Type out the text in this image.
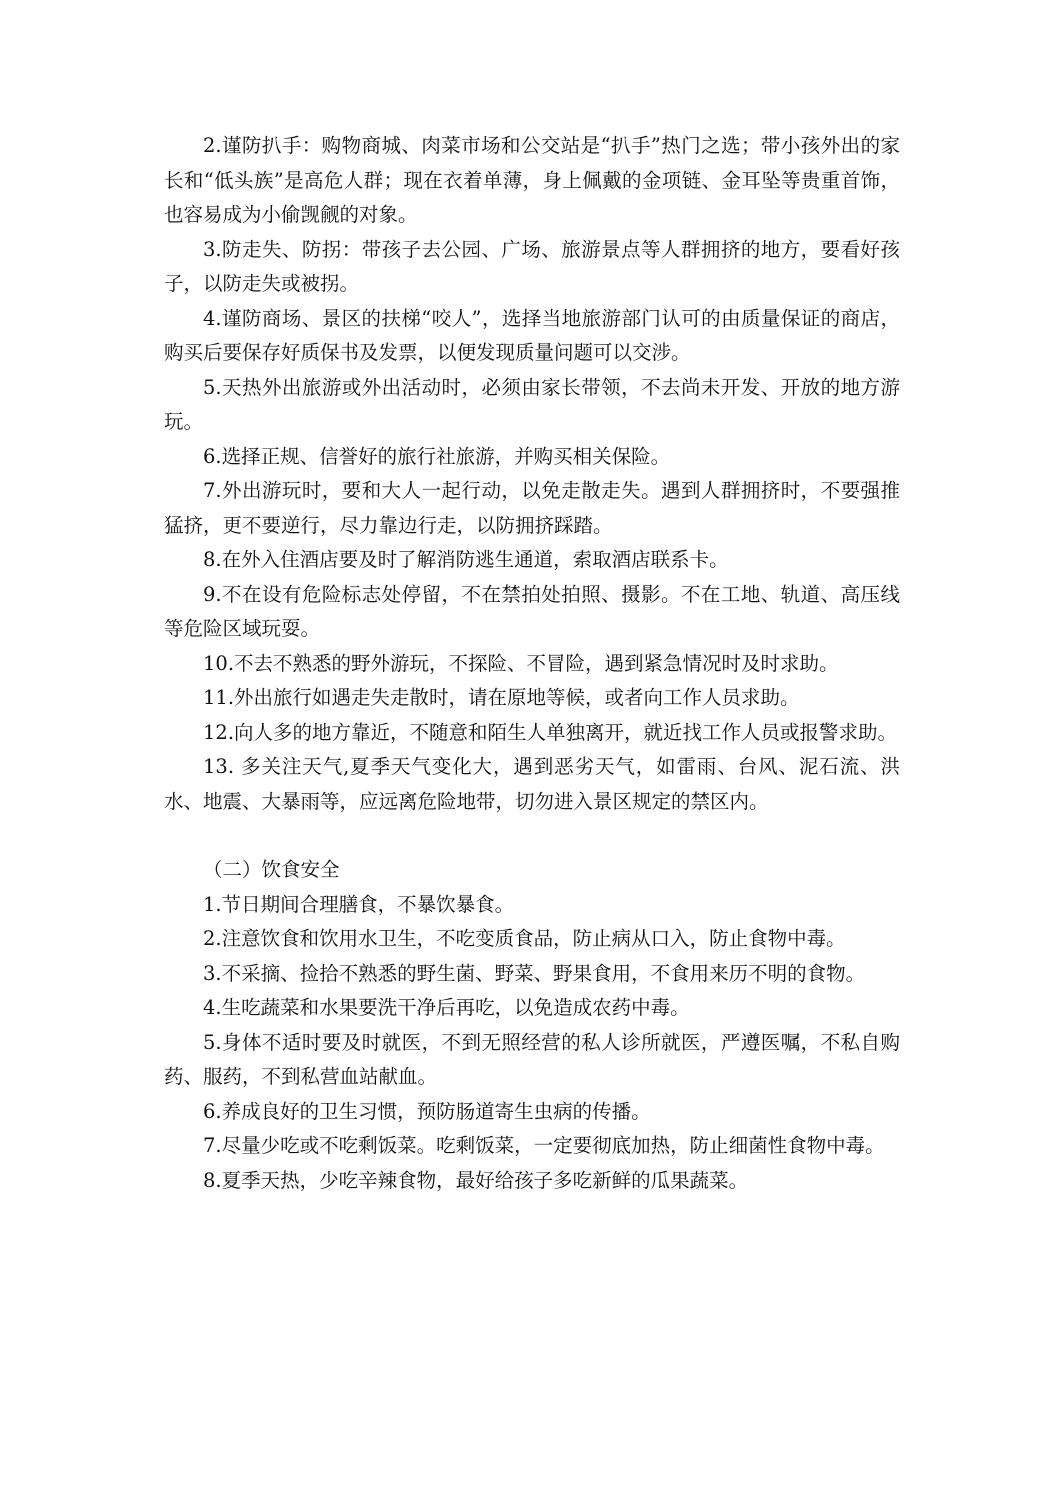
2.谨防扒手：购物商城、肉菜市场和公交站是“扒手”热门之选；带小孩外出的家长和“低头族”是高危人群；现在衣着单薄，身上佩戴的金项链、金耳坠等贵重首饰，也容易成为小偷觊觎的对象。

3.防走失、防拐：带孩子去公园、广场、旅游景点等人群拥挤的地方，要看好孩子，以防走失或被拐。

4.谨防商场、景区的扶梯“咬人”，选择当地旅游部门认可的由质量保证的商店，购买后要保存好质保书及发票，以便发现质量问题可以交涉。

5.天热外出旅游或外出活动时，必须由家长带领，不去尚未开发、开放的地方游玩。

6.选择正规、信誉好的旅行社旅游，并购买相关保险。

7.外出游玩时，要和大人一起行动，以免走散走失。遇到人群拥挤时，不要强推猛挤，更不要逆行，尽力靠边行走，以防拥挤踩踏。

8.在外入住酒店要及时了解消防逃生通道，索取酒店联系卡。

9.不在设有危险标志处停留，不在禁拍处拍照、摄影。不在工地、轨道、高压线等危险区域玩耍。

10.不去不熟悉的野外游玩，不探险、不冒险，遇到紧急情况时及时求助。

11.外出旅行如遇走失走散时，请在原地等候，或者向工作人员求助。

12.向人多的地方靠近，不随意和陌生人单独离开，就近找工作人员或报警求助。

13. 多关注天气,夏季天气变化大，遇到恶劣天气，如雷雨、台风、泥石流、洪水、地震、大暴雨等，应远离危险地带，切勿进入景区规定的禁区内。

（二）饮食安全

1.节日期间合理膳食，不暴饮暴食。

2.注意饮食和饮用水卫生，不吃变质食品，防止病从口入，防止食物中毒。

3.不采摘、捡拾不熟悉的野生菌、野菜、野果食用，不食用来历不明的食物。

4.生吃蔬菜和水果要洗干净后再吃，以免造成农药中毒。

5.身体不适时要及时就医，不到无照经营的私人诊所就医，严遵医嘱，不私自购药、服药，不到私营血站献血。

6.养成良好的卫生习惯，预防肠道寄生虫病的传播。

7.尽量少吃或不吃剩饭菜。吃剩饭菜，一定要彻底加热，防止细菌性食物中毒。

8.夏季天热，少吃辛辣食物，最好给孩子多吃新鲜的瓜果蔬菜。
